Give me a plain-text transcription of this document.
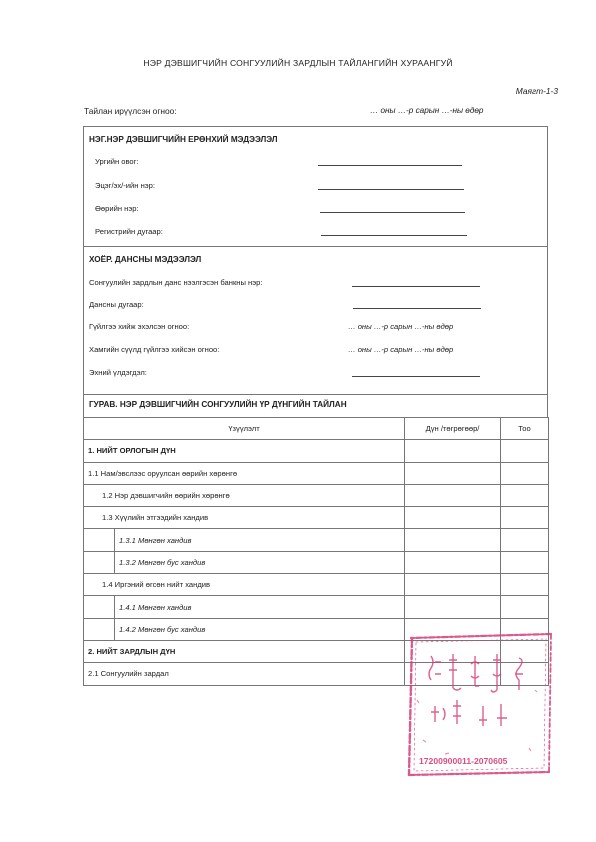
НЭР ДЭВШИГЧИЙН СОНГУУЛИЙН ЗАРДЛЫН ТАЙЛАНГИЙН ХУРААНГУЙ
Маягт-1-3
Тайлан ирүүлсэн огноо:	… оны …-р сарын …-ны өдөр
НЭГ.НЭР ДЭВШИГЧИЙН ЕРӨНХИЙ МЭДЭЭЛЭЛ
Ургийн овог:
Эцэг/эх/-ийн нэр:
Өөрийн нэр:
Регистрийн дугаар:
ХОЁР. ДАНСНЫ МЭДЭЭЛЭЛ
Сонгуулийн зардлын данс нээлгэсэн банкны нэр:
Дансны дугаар:
Гүйлгээ хийж эхэлсэн огноо:	… оны …-р сарын …-ны өдөр
Хамгийн сүүлд гүйлгээ хийсэн огноо:	… оны …-р сарын …-ны өдөр
Эхний үлдэгдэл:
ГУРАВ. НЭР ДЭВШИГЧИЙН СОНГУУЛИЙН ҮР ДҮНГИЙН ТАЙЛАН
Үзүүлэлт		Дүн /төгрөгөөр/	Тоо
1. НИЙТ ОРЛОГЫН ДҮН			
1.1 Нам/эвслээс оруулсан өөрийн хөрөнгө			
1.2 Нэр дэвшигчийн өөрийн хөрөнгө			
1.3 Хүүлийн этгээдийн хандив			
	1.3.1 Мөнгөн хандив		
	1.3.2 Мөнгөн бус хандив		
1.4 Иргэний өгсөн нийт хандив			
	1.4.1 Мөнгөн хандив		
	1.4.2 Мөнгөн бус хандив		
2. НИЙТ ЗАРДЛЫН ДҮН			
2.1 Сонгуулийн зардал			
17200900011-2070605
